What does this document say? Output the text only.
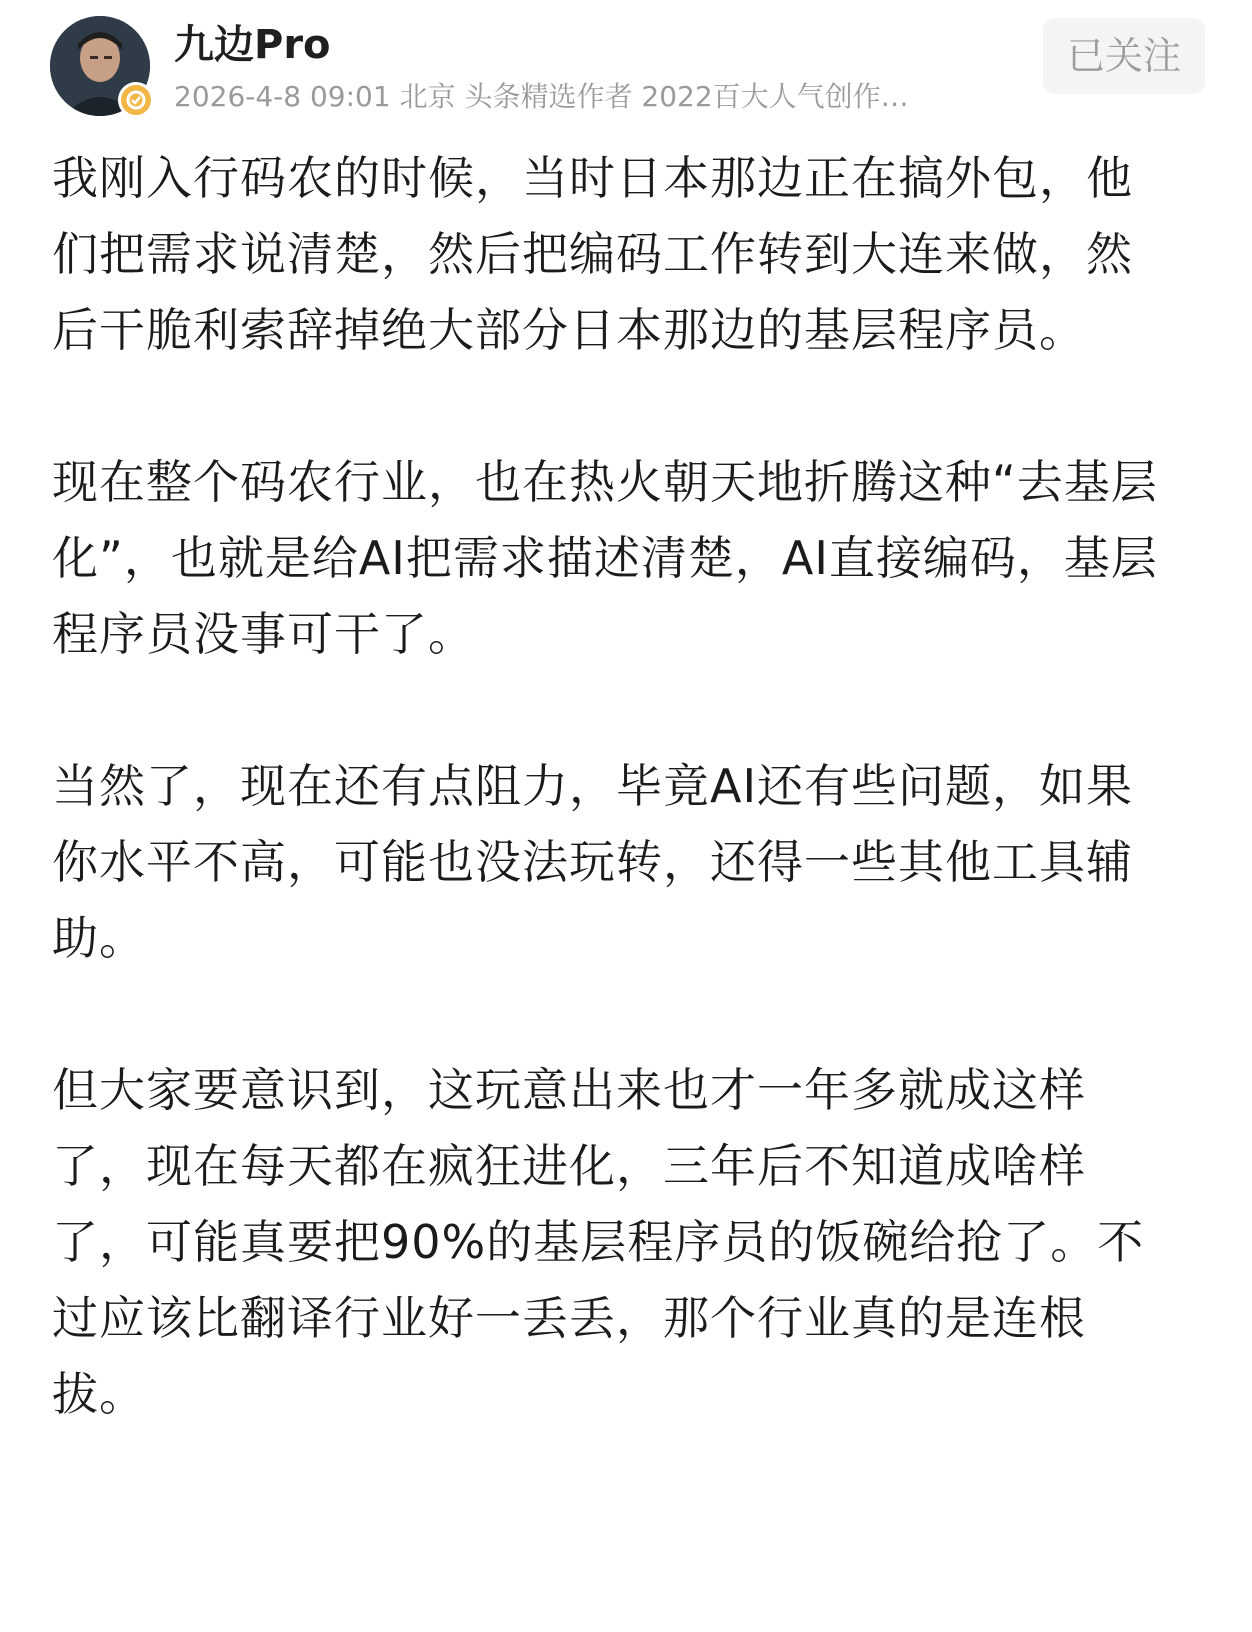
九边Pro
2026-4-8 09:01 北京 头条精选作者 2022百大人气创作…
已关注

我刚入行码农的时候，当时日本那边正在搞外包，他们把需求说清楚，然后把编码工作转到大连来做，然后干脆利索辞掉绝大部分日本那边的基层程序员。

现在整个码农行业，也在热火朝天地折腾这种“去基层化”，也就是给AI把需求描述清楚，AI直接编码，基层程序员没事可干了。

当然了，现在还有点阻力，毕竟AI还有些问题，如果你水平不高，可能也没法玩转，还得一些其他工具辅助。

但大家要意识到，这玩意出来也才一年多就成这样了，现在每天都在疯狂进化，三年后不知道成啥样了，可能真要把90%的基层程序员的饭碗给抢了。不过应该比翻译行业好一丢丢，那个行业真的是连根拔。
